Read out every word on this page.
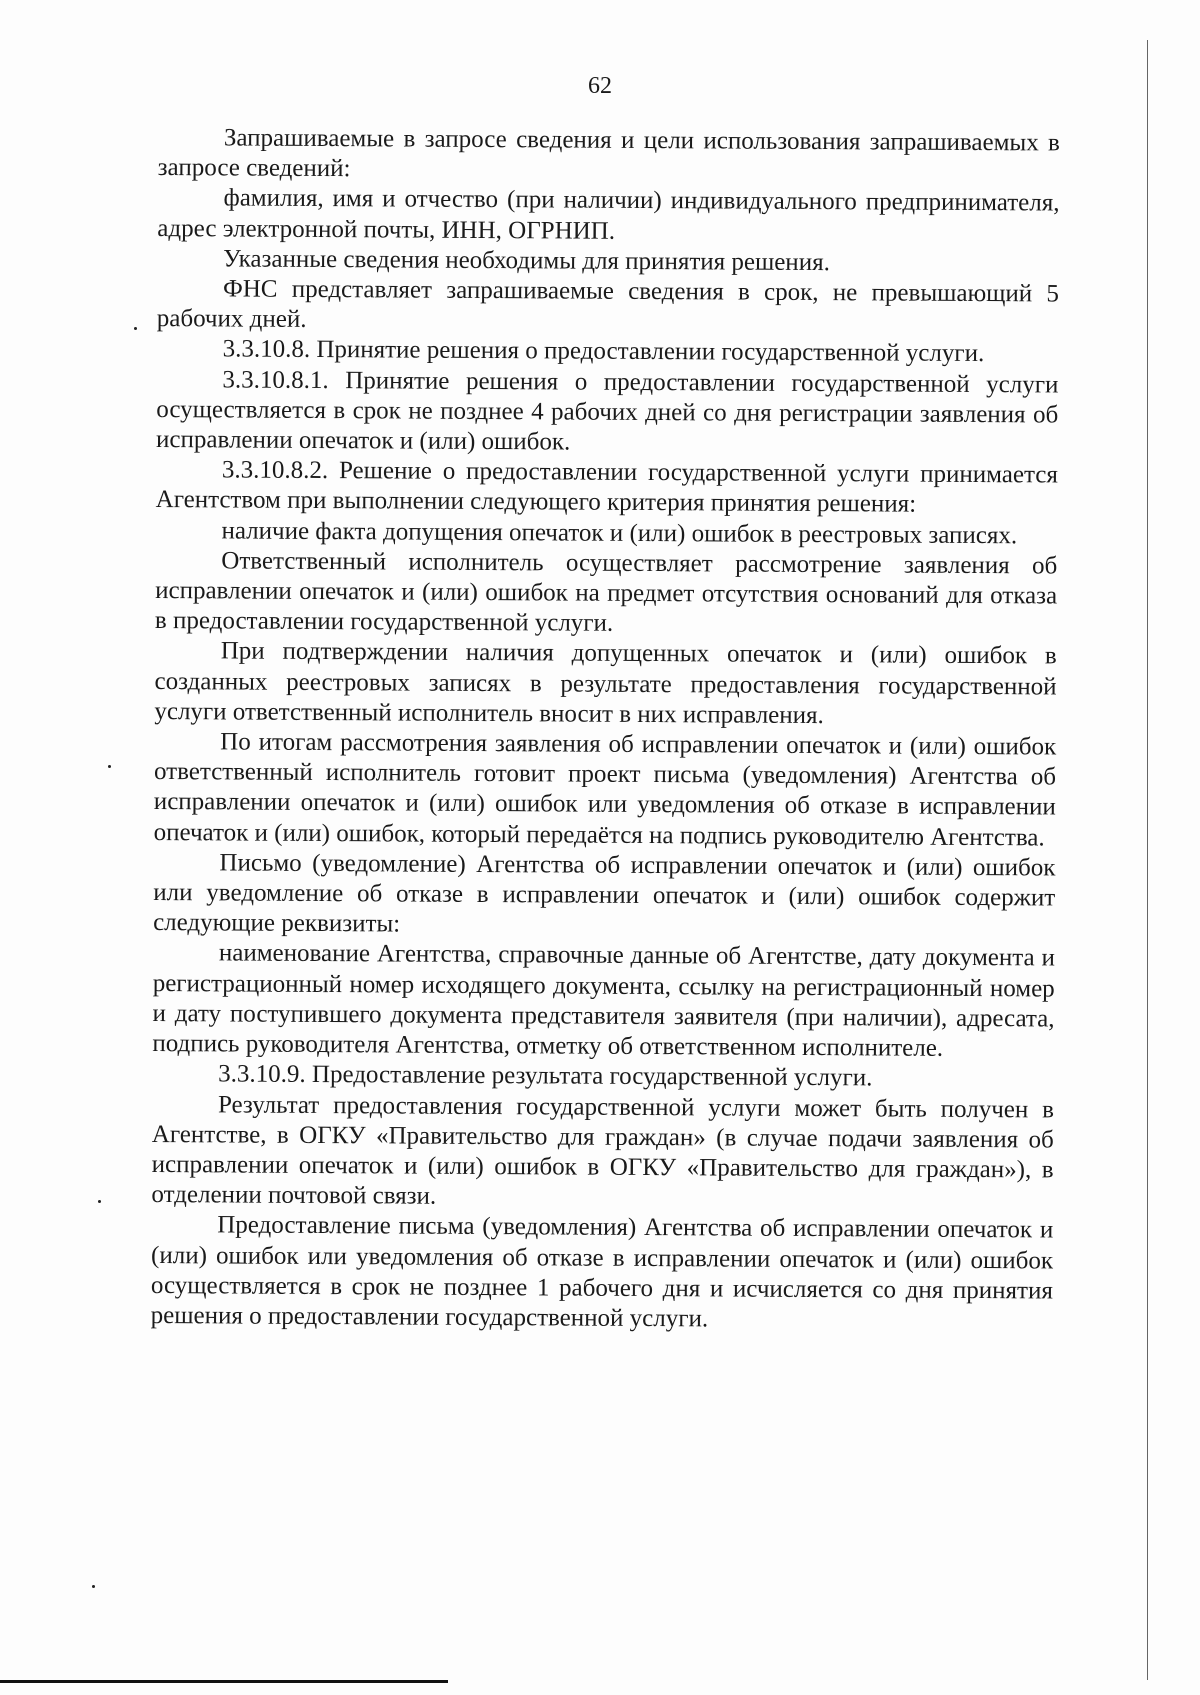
62

Запрашиваемые в запросе сведения и цели использования запрашиваемых в запросе сведений:

фамилия, имя и отчество (при наличии) индивидуального предпринимателя, адрес электронной почты, ИНН, ОГРНИП.

Указанные сведения необходимы для принятия решения.

ФНС представляет запрашиваемые сведения в срок, не превышающий 5 рабочих дней.

3.3.10.8. Принятие решения о предоставлении государственной услуги.

3.3.10.8.1. Принятие решения о предоставлении государственной услуги осуществляется в срок не позднее 4 рабочих дней со дня регистрации заявления об исправлении опечаток и (или) ошибок.

3.3.10.8.2. Решение о предоставлении государственной услуги принимается Агентством при выполнении следующего критерия принятия решения:

наличие факта допущения опечаток и (или) ошибок в реестровых записях.

Ответственный исполнитель осуществляет рассмотрение заявления об исправлении опечаток и (или) ошибок на предмет отсутствия оснований для отказа в предоставлении государственной услуги.

При подтверждении наличия допущенных опечаток и (или) ошибок в созданных реестровых записях в результате предоставления государственной услуги ответственный исполнитель вносит в них исправления.

По итогам рассмотрения заявления об исправлении опечаток и (или) ошибок ответственный исполнитель готовит проект письма (уведомления) Агентства об исправлении опечаток и (или) ошибок или уведомления об отказе в исправлении опечаток и (или) ошибок, который передаётся на подпись руководителю Агентства.

Письмо (уведомление) Агентства об исправлении опечаток и (или) ошибок или уведомление об отказе в исправлении опечаток и (или) ошибок содержит следующие реквизиты:

наименование Агентства, справочные данные об Агентстве, дату документа и регистрационный номер исходящего документа, ссылку на регистрационный номер и дату поступившего документа представителя заявителя (при наличии), адресата, подпись руководителя Агентства, отметку об ответственном исполнителе.

3.3.10.9. Предоставление результата государственной услуги.

Результат предоставления государственной услуги может быть получен в Агентстве, в ОГКУ «Правительство для граждан» (в случае подачи заявления об исправлении опечаток и (или) ошибок в ОГКУ «Правительство для граждан»), в отделении почтовой связи.

Предоставление письма (уведомления) Агентства об исправлении опечаток и (или) ошибок или уведомления об отказе в исправлении опечаток и (или) ошибок осуществляется в срок не позднее 1 рабочего дня и исчисляется со дня принятия решения о предоставлении государственной услуги.
